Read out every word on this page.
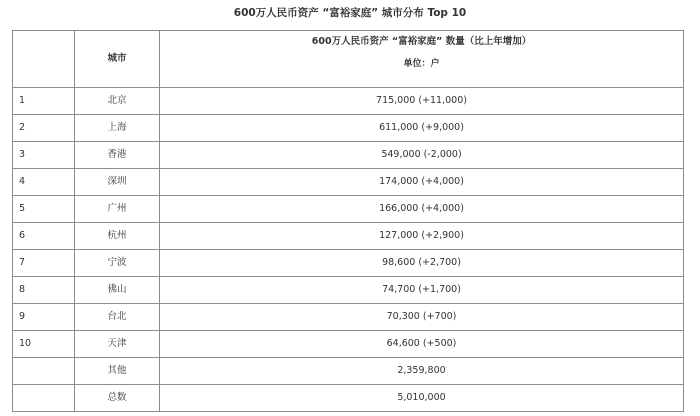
600万人民币资产 “富裕家庭” 城市分布 Top 10
	城市	600万人民币资产 “富裕家庭” 数量（比上年增加）
单位：户

1	北京	715,000 (+11,000)
2	上海	611,000 (+9,000)
3	香港	549,000 (-2,000)
4	深圳	174,000 (+4,000)
5	广州	166,000 (+4,000)
6	杭州	127,000 (+2,900)
7	宁波	98,600 (+2,700)
8	佛山	74,700 (+1,700)
9	台北	70,300 (+700)
10	天津	64,600 (+500)
	其他	2,359,800
	总数	5,010,000
